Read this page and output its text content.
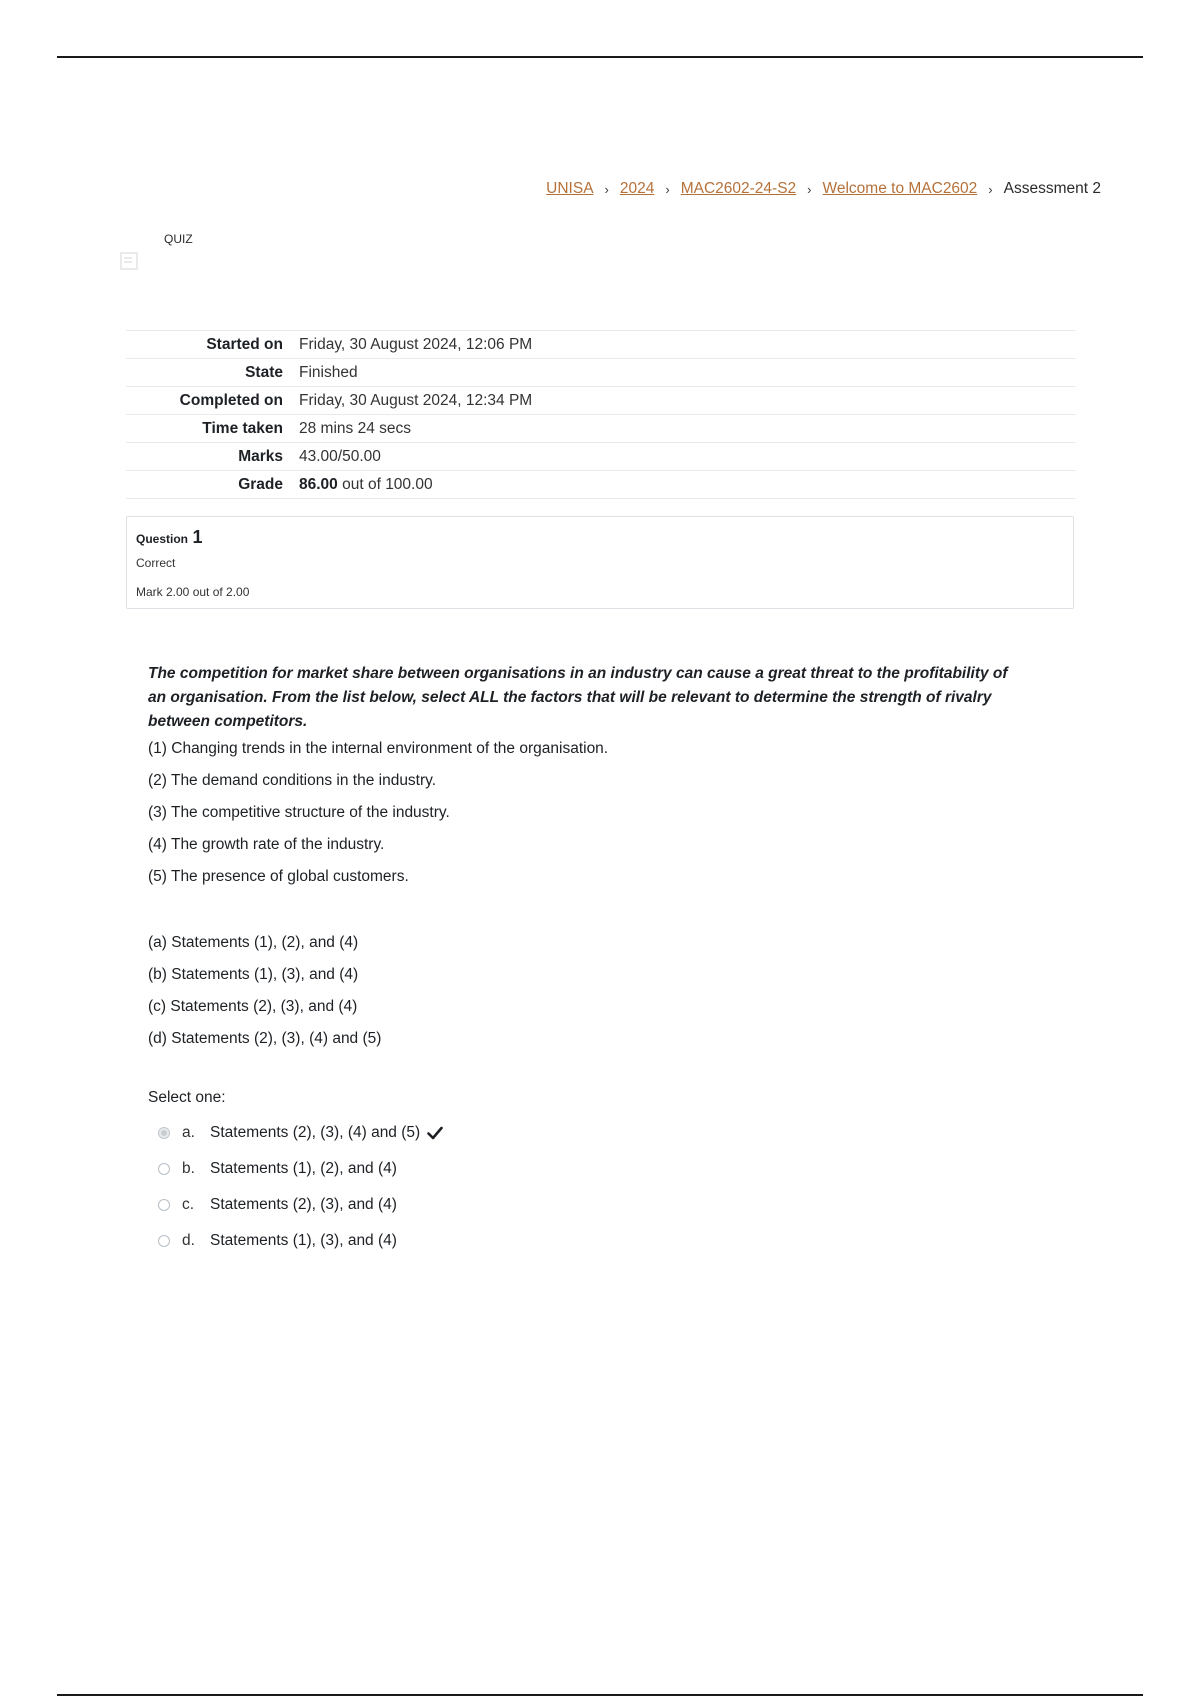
UNISA › 2024 › MAC2602-24-S2 › Welcome to MAC2602 › Assessment 2
QUIZ
Started on	Friday, 30 August 2024, 12:06 PM
State	Finished
Completed on	Friday, 30 August 2024, 12:34 PM
Time taken	28 mins 24 secs
Marks	43.00/50.00
Grade	86.00 out of 100.00
Question 1
Correct
Mark 2.00 out of 2.00

The competition for market share between organisations in an industry can cause a great threat to the profitability of an organisation. From the list below, select ALL the factors that will be relevant to determine the strength of rivalry between competitors.

(1) Changing trends in the internal environment of the organisation.

(2) The demand conditions in the industry.

(3) The competitive structure of the industry.

(4) The growth rate of the industry.

(5) The presence of global customers.

(a) Statements (1), (2), and (4)

(b) Statements (1), (3), and (4)

(c) Statements (2), (3), and (4)

(d) Statements (2), (3), (4) and (5)

Select one:
a. Statements (2), (3), (4) and (5)
b. Statements (1), (2), and (4)
c.	Statements (2), (3), and (4)
d. Statements (1), (3), and (4)
